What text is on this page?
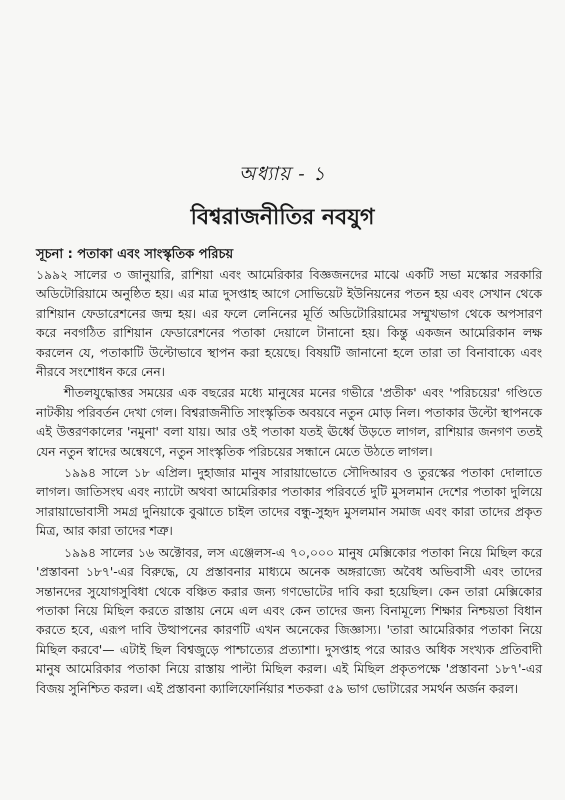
অধ্যায় - ১
বিশ্বরাজনীতির নবযুগ
সূচনা : পতাকা এবং সাংস্কৃতিক পরিচয়

১৯৯২ সালের ৩ জানুয়ারি, রাশিয়া এবং আমেরিকার বিজ্ঞজনদের মাঝে একটি সভা মস্কোর সরকারি অডিটোরিয়ামে অনুষ্ঠিত হয়। এর মাত্র দুসপ্তাহ আগে সোভিয়েট ইউনিয়নের পতন হয় এবং সেখান থেকে রাশিয়ান ফেডারেশনের জন্ম হয়। এর ফলে লেনিনের মূর্তি অডিটোরিয়ামের সম্মুখভাগ থেকে অপসারণ করে নবগঠিত রাশিয়ান ফেডারেশনের পতাকা দেয়ালে টানানো হয়। কিন্তু একজন আমেরিকান লক্ষ করলেন যে, পতাকাটি উল্টোভাবে স্থাপন করা হয়েছে। বিষয়টি জানানো হলে তারা তা বিনাবাক্যে এবং নীরবে সংশোধন করে নেন।

শীতলযুদ্ধোত্তর সময়ের এক বছরের মধ্যে মানুষের মনের গভীরে 'প্রতীক' এবং 'পরিচয়ের' গণ্ডিতে নাটকীয় পরিবর্তন দেখা গেল। বিশ্বরাজনীতি সাংস্কৃতিক অবয়বে নতুন মোড় নিল। পতাকার উল্টো স্থাপনকে এই উত্তরণকালের 'নমুনা' বলা যায়। আর ওই পতাকা যতই ঊর্ধ্বে উড়তে লাগল, রাশিয়ার জনগণ ততই যেন নতুন স্বাদের অন্বেষণে, নতুন সাংস্কৃতিক পরিচয়ের সন্ধানে মেতে উঠতে লাগল।

১৯৯৪ সালে ১৮ এপ্রিল। দুহাজার মানুষ সারায়াভোতে সৌদিআরব ও তুরস্কের পতাকা দোলাতে লাগল। জাতিসংঘ এবং ন্যাটো অথবা আমেরিকার পতাকার পরিবর্তে দুটি মুসলমান দেশের পতাকা দুলিয়ে সারায়াভোবাসী সমগ্র দুনিয়াকে বুঝাতে চাইল তাদের বন্ধু-সুহৃদ মুসলমান সমাজ এবং কারা তাদের প্রকৃত মিত্র, আর কারা তাদের শত্রু।

১৯৯৪ সালের ১৬ অক্টোবর, লস এঞ্জেলস-এ ৭০,০০০ মানুষ মেক্সিকোর পতাকা নিয়ে মিছিল করে 'প্রস্তাবনা ১৮৭'-এর বিরুদ্ধে, যে প্রস্তাবনার মাধ্যমে অনেক অঙ্গরাজ্যে অবৈধ অভিবাসী এবং তাদের সন্তানদের সুযোগসুবিধা থেকে বঞ্চিত করার জন্য গণভোটের দাবি করা হয়েছিল। কেন তারা মেক্সিকোর পতাকা নিয়ে মিছিল করতে রাস্তায় নেমে এল এবং কেন তাদের জন্য বিনামূল্যে শিক্ষার নিশ্চয়তা বিধান করতে হবে, এরূপ দাবি উত্থাপনের কারণটি এখন অনেকের জিজ্ঞাস্য। 'তারা আমেরিকার পতাকা নিয়ে মিছিল করবে'— এটাই ছিল বিশ্বজুড়ে পাশ্চাত্যের প্রত্যাশা। দুসপ্তাহ পরে আরও অধিক সংখ্যক প্রতিবাদী মানুষ আমেরিকার পতাকা নিয়ে রাস্তায় পাল্টা মিছিল করল। এই মিছিল প্রকৃতপক্ষে 'প্রস্তাবনা ১৮৭'-এর বিজয় সুনিশ্চিত করল। এই প্রস্তাবনা ক্যালিফোর্নিয়ার শতকরা ৫৯ ভাগ ভোটারের সমর্থন অর্জন করল।
